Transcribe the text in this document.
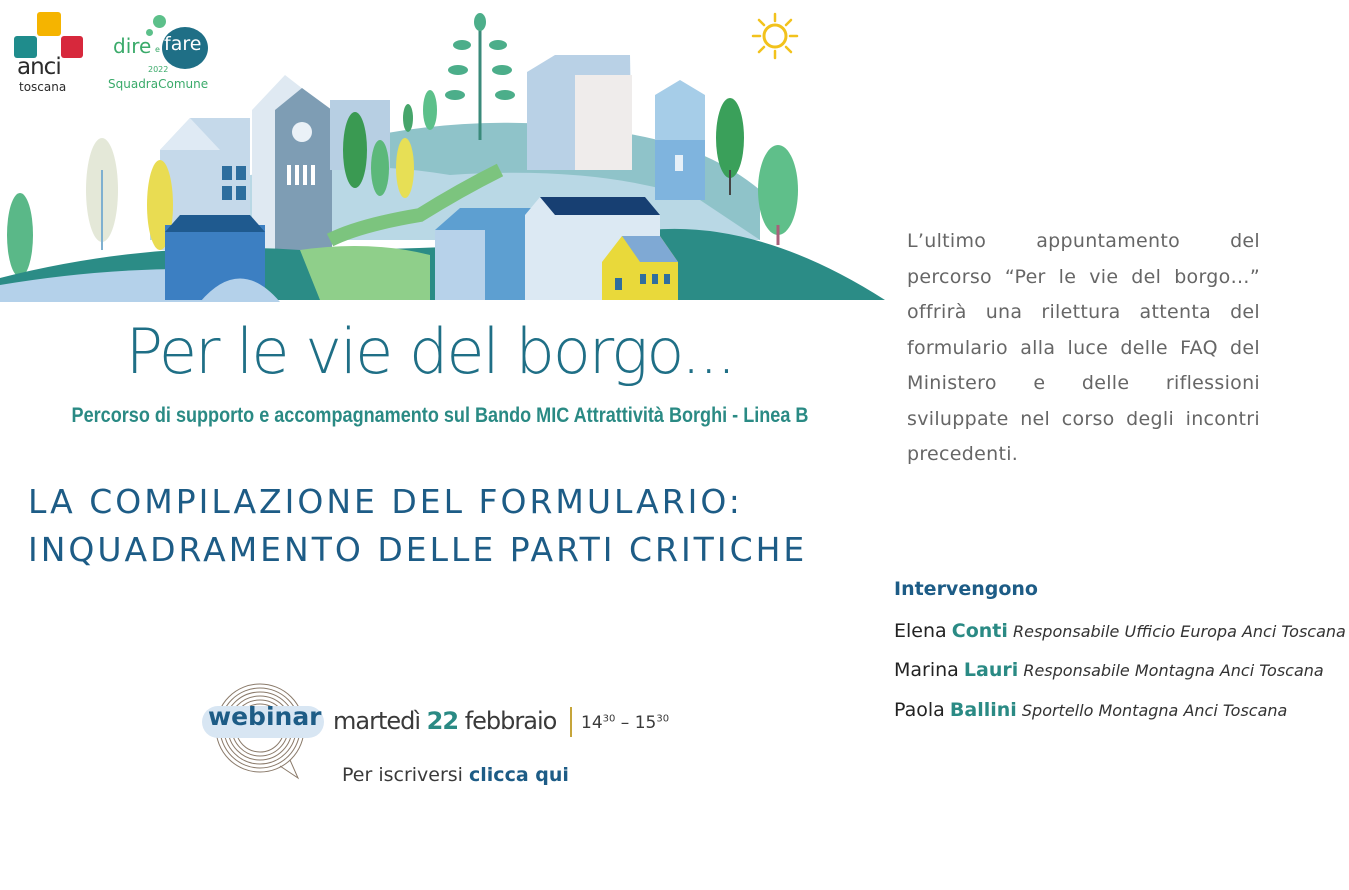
anci
toscana
dire e fare
2022
SquadraComune
Per le vie del borgo...
Percorso di supporto e accompagnamento sul Bando MIC Attrattività Borghi - Linea B
LA COMPILAZIONE DEL FORMULARIO:
INQUADRAMENTO DELLE PARTI CRITICHE
L’ultimo appuntamento del percorso “Per le vie del borgo…” offrirà una rilettura attenta del formulario alla luce delle FAQ del Ministero e delle riflessioni sviluppate nel corso degli incontri precedenti.
Intervengono
Elena Conti Responsabile Ufficio Europa Anci Toscana
Marina Lauri Responsabile Montagna Anci Toscana
Paola Ballini Sportello Montagna Anci Toscana
webinar martedì 22 febbraio $14^{30} - 15^{30}$
Per iscriversi clicca qui
